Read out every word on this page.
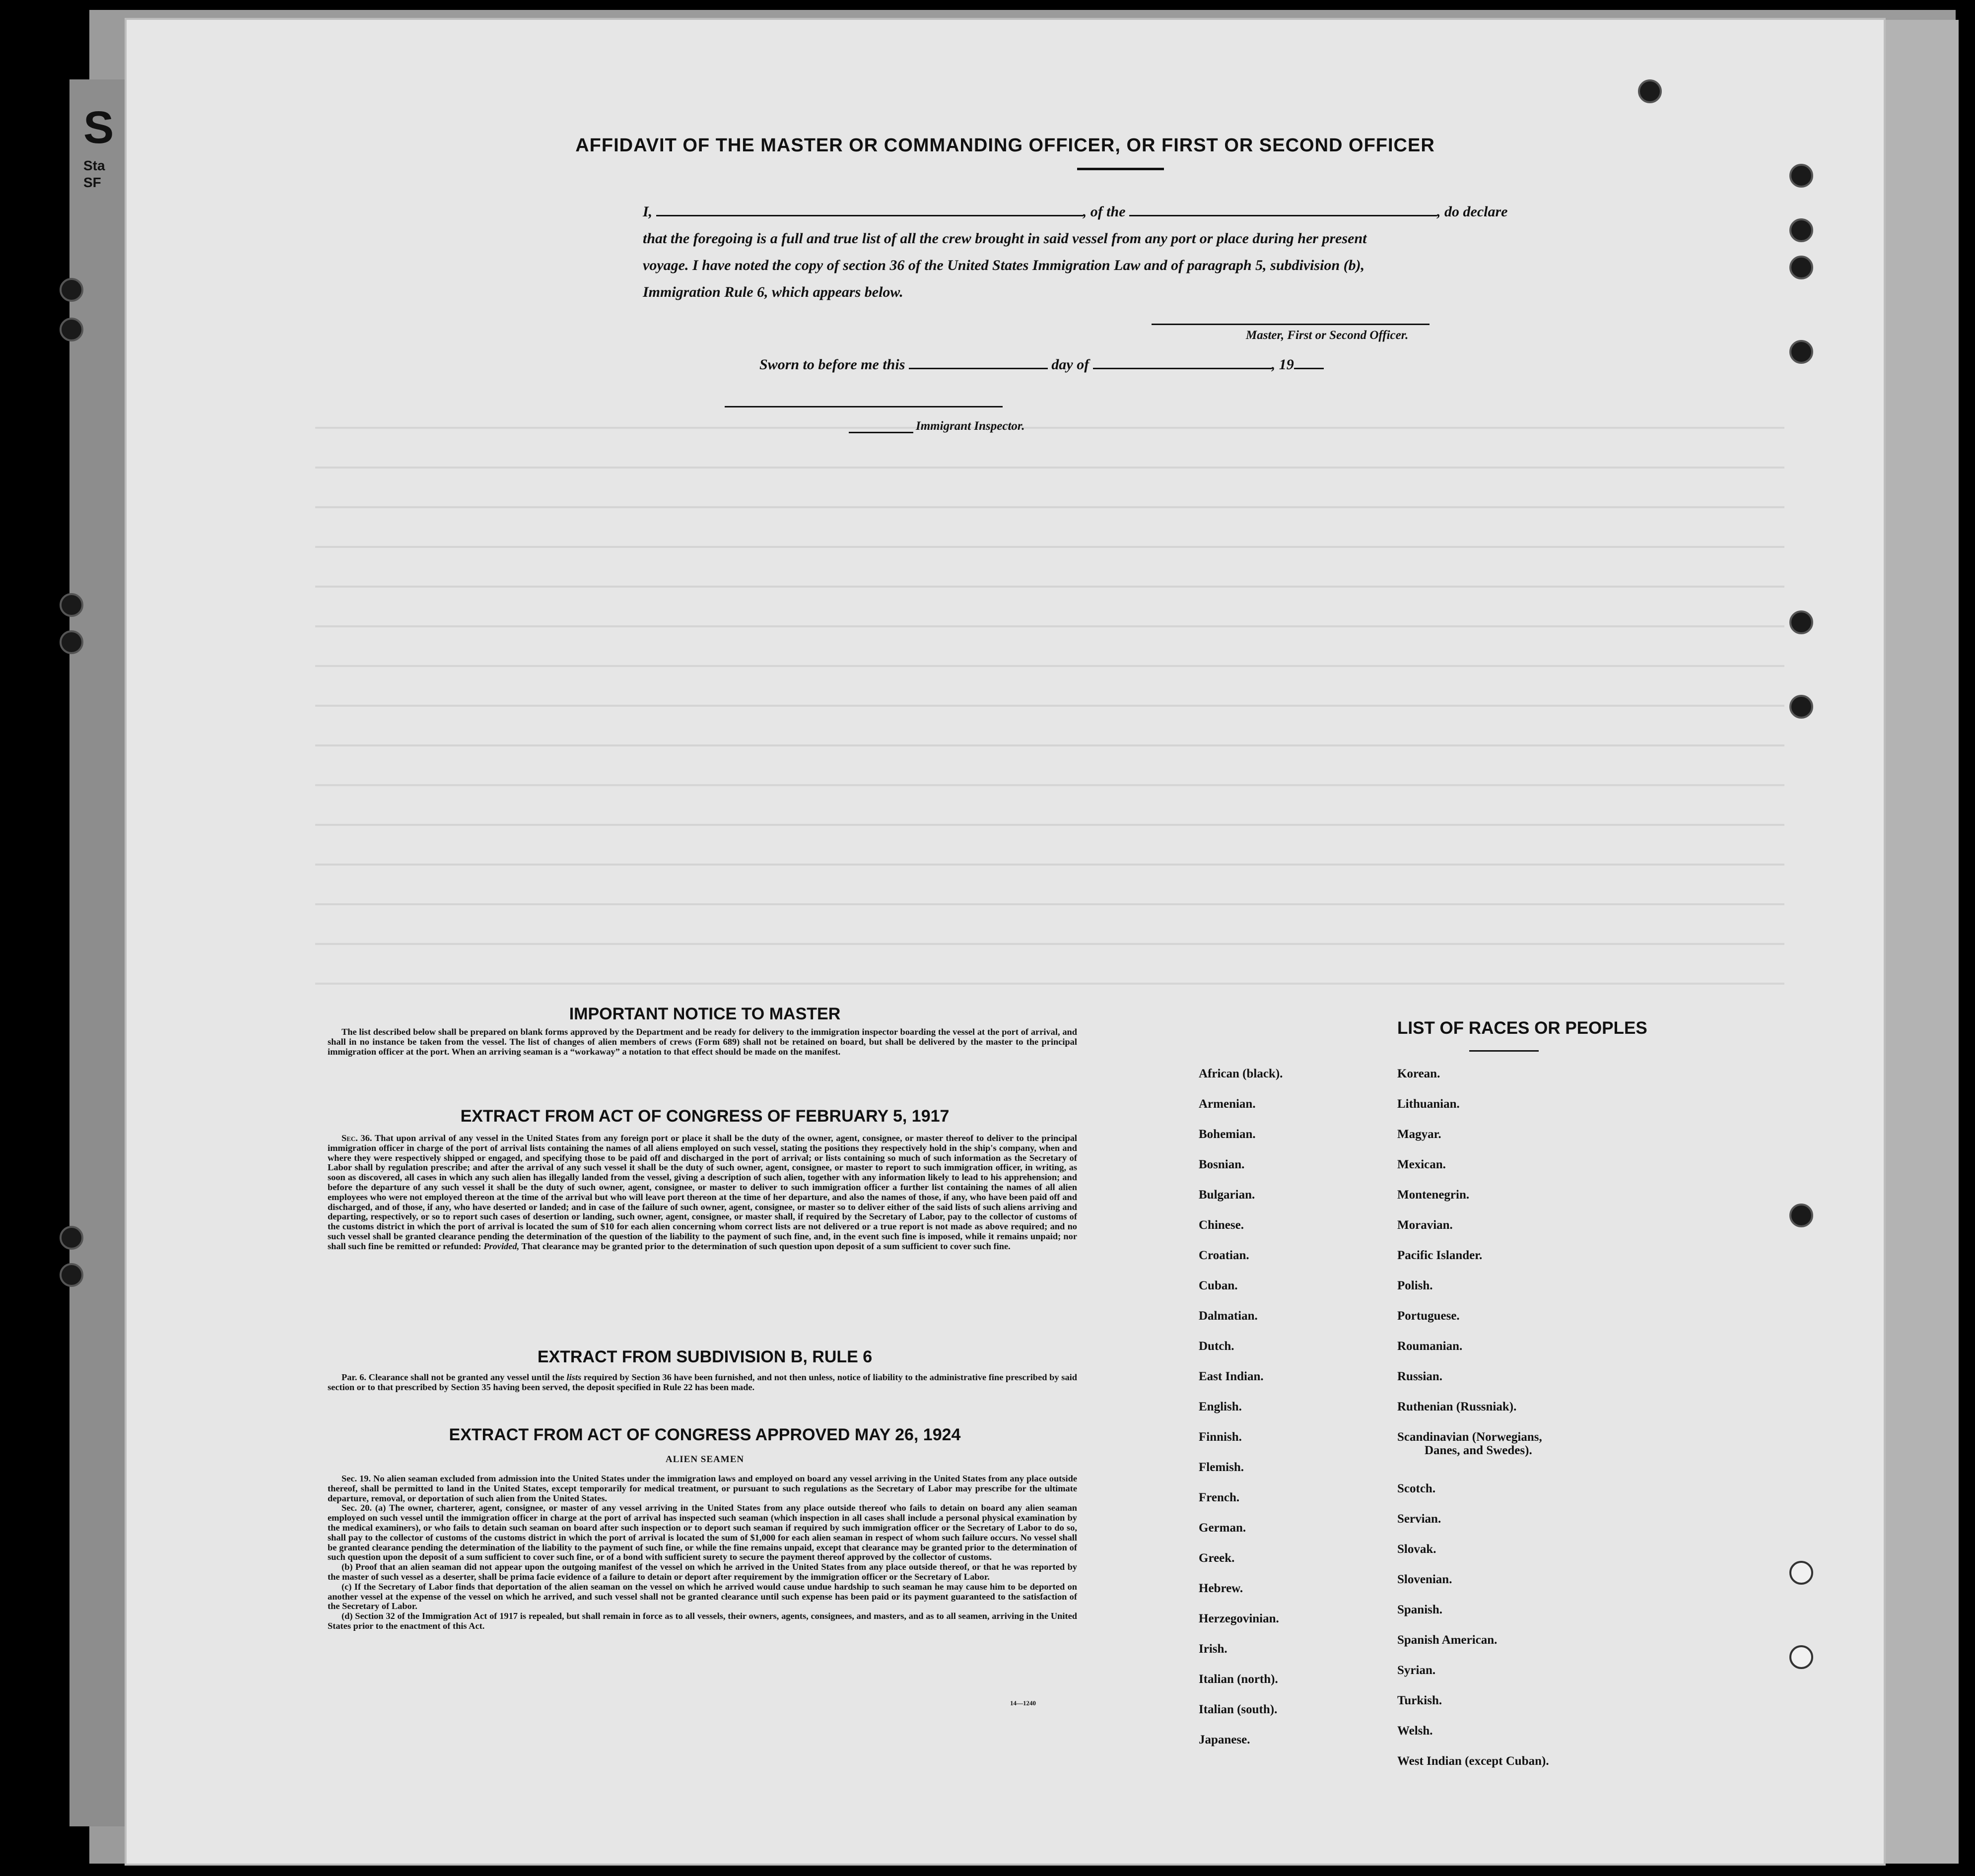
S
Sta
SF
AFFIDAVIT OF THE MASTER OR COMMANDING OFFICER, OR FIRST OR SECOND OFFICER
I,	, of the	, do declare
that the foregoing is a full and true list of all the crew brought in said vessel from any port or place during her present
voyage. I have noted the copy of section 36 of the United States Immigration Law and of paragraph 5, subdivision (b),
Immigration Rule 6, which appears below.
Master, First or Second Officer.
Sworn to before me this	day of	, 19
Immigrant Inspector.
IMPORTANT NOTICE TO MASTER

The list described below shall be prepared on blank forms approved by the Department and be ready for delivery to the immigration inspector boarding the vessel at the port of arrival, and shall in no instance be taken from the vessel. The list of changes of alien members of crews (Form 689) shall not be retained on board, but shall be delivered by the master to the principal immigration officer at the port. When an arriving seaman is a “workaway” a notation to that effect should be made on the manifest.

EXTRACT FROM ACT OF CONGRESS OF FEBRUARY 5, 1917

Sec. 36. That upon arrival of any vessel in the United States from any foreign port or place it shall be the duty of the owner, agent, consignee, or master thereof to deliver to the principal immigration officer in charge of the port of arrival lists containing the names of all aliens employed on such vessel, stating the positions they respectively hold in the ship's company, when and where they were respectively shipped or engaged, and specifying those to be paid off and discharged in the port of arrival; or lists containing so much of such information as the Secretary of Labor shall by regulation prescribe; and after the arrival of any such vessel it shall be the duty of such owner, agent, consignee, or master to report to such immigration officer, in writing, as soon as discovered, all cases in which any such alien has illegally landed from the vessel, giving a description of such alien, together with any information likely to lead to his apprehension; and before the departure of any such vessel it shall be the duty of such owner, agent, consignee, or master to deliver to such immigration officer a further list containing the names of all alien employees who were not employed thereon at the time of the arrival but who will leave port thereon at the time of her departure, and also the names of those, if any, who have been paid off and discharged, and of those, if any, who have deserted or landed; and in case of the failure of such owner, agent, consignee, or master so to deliver either of the said lists of such aliens arriving and departing, respectively, or so to report such cases of desertion or landing, such owner, agent, consignee, or master shall, if required by the Secretary of Labor, pay to the collector of customs of the customs district in which the port of arrival is located the sum of $10 for each alien concerning whom correct lists are not delivered or a true report is not made as above required; and no such vessel shall be granted clearance pending the determination of the question of the liability to the payment of such fine, and, in the event such fine is imposed, while it remains unpaid; nor shall such fine be remitted or refunded: Provided, That clearance may be granted prior to the determination of such question upon deposit of a sum sufficient to cover such fine.

EXTRACT FROM SUBDIVISION B, RULE 6

Par. 6. Clearance shall not be granted any vessel until the lists required by Section 36 have been furnished, and not then unless, notice of liability to the administrative fine prescribed by said section or to that prescribed by Section 35 having been served, the deposit specified in Rule 22 has been made.

EXTRACT FROM ACT OF CONGRESS APPROVED MAY 26, 1924
ALIEN SEAMEN

Sec. 19. No alien seaman excluded from admission into the United States under the immigration laws and employed on board any vessel arriving in the United States from any place outside thereof, shall be permitted to land in the United States, except temporarily for medical treatment, or pursuant to such regulations as the Secretary of Labor may prescribe for the ultimate departure, removal, or deportation of such alien from the United States.

Sec. 20. (a) The owner, charterer, agent, consignee, or master of any vessel arriving in the United States from any place outside thereof who fails to detain on board any alien seaman employed on such vessel until the immigration officer in charge at the port of arrival has inspected such seaman (which inspection in all cases shall include a personal physical examination by the medical examiners), or who fails to detain such seaman on board after such inspection or to deport such seaman if required by such immigration officer or the Secretary of Labor to do so, shall pay to the collector of customs of the customs district in which the port of arrival is located the sum of $1,000 for each alien seaman in respect of whom such failure occurs. No vessel shall be granted clearance pending the determination of the liability to the payment of such fine, or while the fine remains unpaid, except that clearance may be granted prior to the determination of such question upon the deposit of a sum sufficient to cover such fine, or of a bond with sufficient surety to secure the payment thereof approved by the collector of customs.

(b) Proof that an alien seaman did not appear upon the outgoing manifest of the vessel on which he arrived in the United States from any place outside thereof, or that he was reported by the master of such vessel as a deserter, shall be prima facie evidence of a failure to detain or deport after requirement by the immigration officer or the Secretary of Labor.

(c) If the Secretary of Labor finds that deportation of the alien seaman on the vessel on which he arrived would cause undue hardship to such seaman he may cause him to be deported on another vessel at the expense of the vessel on which he arrived, and such vessel shall not be granted clearance until such expense has been paid or its payment guaranteed to the satisfaction of the Secretary of Labor.

(d) Section 32 of the Immigration Act of 1917 is repealed, but shall remain in force as to all vessels, their owners, agents, consignees, and masters, and as to all seamen, arriving in the United States prior to the enactment of this Act.

14—1240
LIST OF RACES OR PEOPLES
African (black).
Armenian.
Bohemian.
Bosnian.
Bulgarian.
Chinese.
Croatian.
Cuban.
Dalmatian.
Dutch.
East Indian.
English.
Finnish.
Flemish.
French.
German.
Greek.
Hebrew.
Herzegovinian.
Irish.
Italian (north).
Italian (south).
Japanese.
Korean.
Lithuanian.
Magyar.
Mexican.
Montenegrin.
Moravian.
Pacific Islander.
Polish.
Portuguese.
Roumanian.
Russian.
Ruthenian (Russniak).
Scandinavian (Norwegians,
Danes, and Swedes).
Scotch.
Servian.
Slovak.
Slovenian.
Spanish.
Spanish American.
Syrian.
Turkish.
Welsh.
West Indian (except Cuban).
